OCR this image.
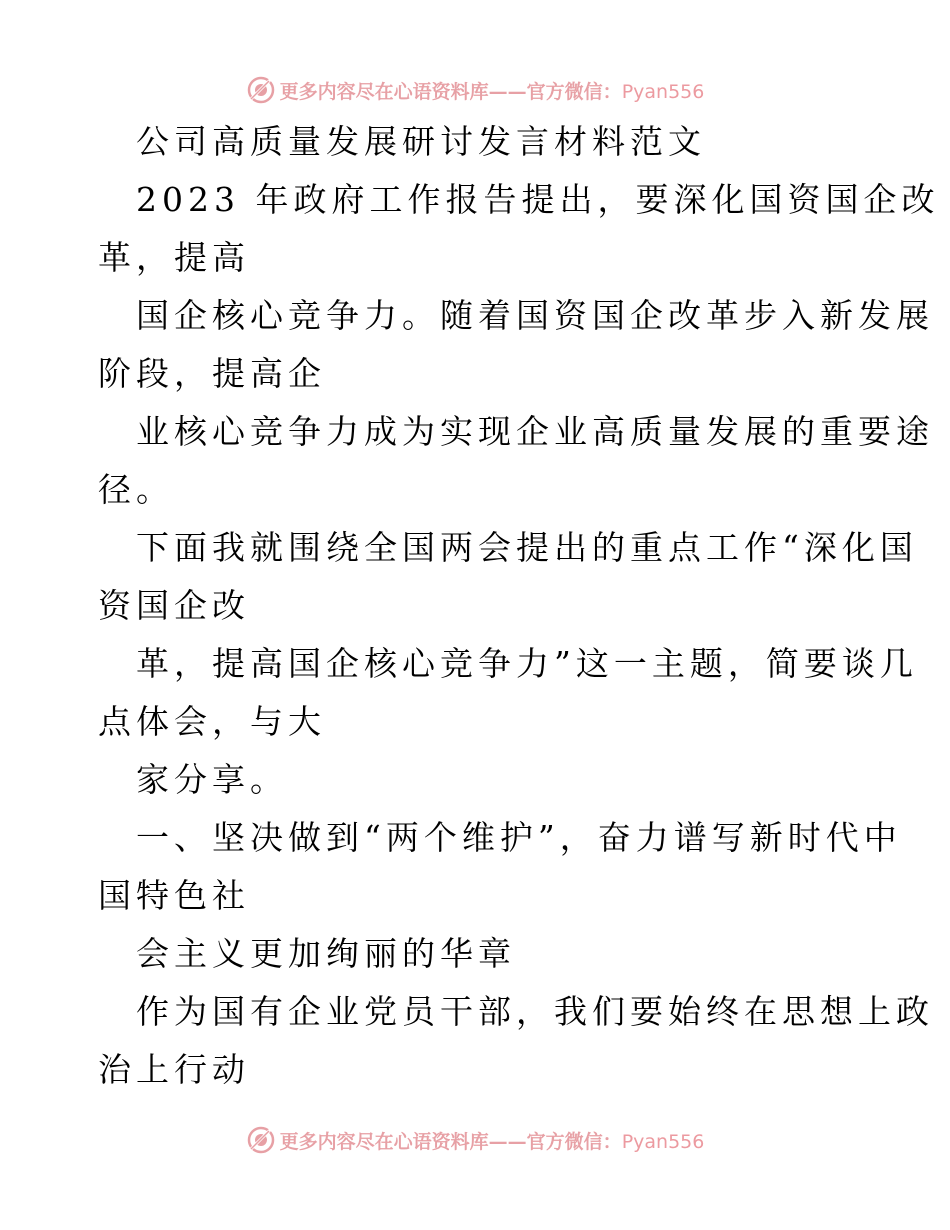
更多内容尽在心语资料库——官方微信：Pyan556
公司高质量发展研讨发言材料范文
2023 年政府工作报告提出，要深化国资国企改
革，提高
国企核心竞争力。随着国资国企改革步入新发展
阶段，提高企
业核心竞争力成为实现企业高质量发展的重要途
径。
下面我就围绕全国两会提出的重点工作“深化国
资国企改
革，提高国企核心竞争力”这一主题，简要谈几
点体会，与大
家分享。
一、坚决做到“两个维护”，奋力谱写新时代中
国特色社
会主义更加绚丽的华章
作为国有企业党员干部，我们要始终在思想上政
治上行动
更多内容尽在心语资料库——官方微信：Pyan556
